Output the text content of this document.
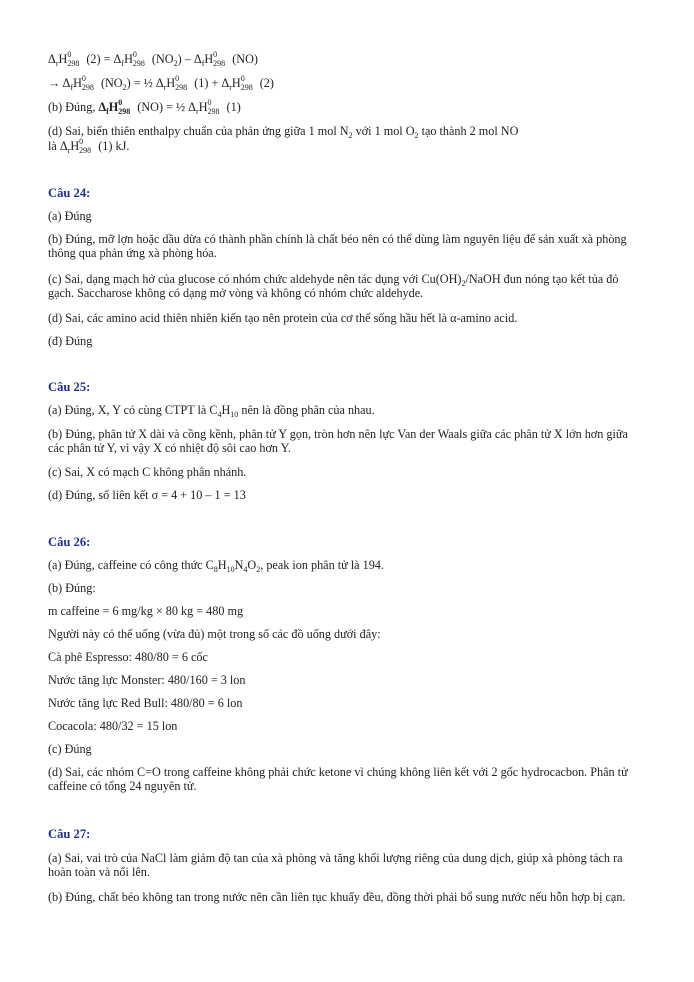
$\Delta_rH$ 0
298 $(2) = \Delta_fH$ 0
298 $(NO_2) - \Delta_fH$ 0
298 (NO)
→ $\Delta_fH$ 0
298 $(NO_2)$ = ½ $\Delta_rH$ 0
298 $(1) + \Delta_rH$ 0
298 (2)
(b) Đúng, $\Delta_fH$ 0
298 (NO) = ½ $\Delta_rH$ 0
298 (1)
(d) Sai, biến thiên enthalpy chuẩn của phản ứng giữa 1 mol $N_2$ với 1 mol $O_2$ tạo thành 2 mol NO
là $\Delta_rH$ 0
298 (1) kJ.
Câu 24:
(a) Đúng
(b) Đúng, mỡ lợn hoặc dầu dừa có thành phần chính là chất béo nên có thể dùng làm nguyên liệu để sản xuất xà phòng thông qua phản ứng xà phòng hóa.
(c) Sai, dạng mạch hở của glucose có nhóm chức aldehyde nên tác dụng với $Cu(OH)_2$/NaOH đun nóng tạo kết tủa đỏ gạch. Saccharose không có dạng mở vòng và không có nhóm chức aldehyde.
(d) Sai, các amino acid thiên nhiên kiến tạo nên protein của cơ thể sống hầu hết là α-amino acid.
(đ) Đúng
Câu 25:
(a) Đúng, X, Y có cùng CTPT là $C_4H_{10}$ nên là đồng phân của nhau.
(b) Đúng, phân tử X dài và cồng kềnh, phân tử Y gọn, tròn hơn nên lực Van der Waals giữa các phân tử X lớn hơn giữa các phân tử Y, vì vậy X có nhiệt độ sôi cao hơn Y.
(c) Sai, X có mạch C không phân nhánh.
(d) Đúng, số liên kết σ = 4 + 10 – 1 = 13
Câu 26:
(a) Đúng, caffeine có công thức $C_8H_{10}N_4O_2$, peak ion phân tử là 194.
(b) Đúng:
m caffeine = 6 mg/kg × 80 kg = 480 mg
Người này có thể uống (vừa đủ) một trong số các đồ uống dưới đây:
Cà phê Espresso: 480/80 = 6 cốc
Nước tăng lực Monster: 480/160 = 3 lon
Nước tăng lực Red Bull: 480/80 = 6 lon
Cocacola: 480/32 = 15 lon
(c) Đúng
(d) Sai, các nhóm C=O trong caffeine không phải chức ketone vì chúng không liên kết với 2 gốc hydrocacbon. Phân tử caffeine có tổng 24 nguyên tử.
Câu 27:
(a) Sai, vai trò của NaCl làm giảm độ tan của xà phòng và tăng khối lượng riêng của dung dịch, giúp xà phòng tách ra hoàn toàn và nổi lên.
(b) Đúng, chất béo không tan trong nước nên cần liên tục khuấy đều, đồng thời phải bổ sung nước nếu hỗn hợp bị cạn.
